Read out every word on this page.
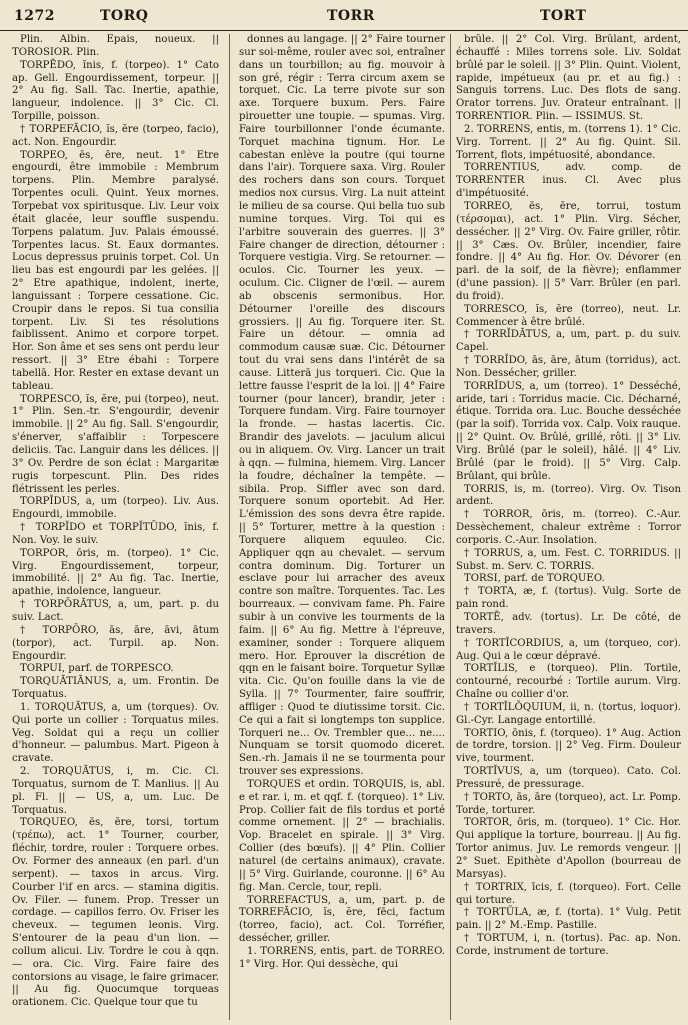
1272	TORQ	TORR	TORT

Plin. Albin. Epais, noueux. || TOROSIOR. Plin.

TORPĒDO, ĭnis, f. (torpeo). 1° Cato ap. Gell. Engourdissement, torpeur. || 2° Au fig. Sall. Tac. Inertie, apathie, langueur, indolence. || 3° Cic. Cl. Torpille, poisson.

† TORPEFĀCIO, ĭs, ĕre (torpeo, facio), act. Non. Engourdir.

TORPEO, ēs, ēre, neut. 1° Etre engourdi, être immobile : Membrum torpens. Plin. Membre paralysé. Torpentes oculi. Quint. Yeux mornes. Torpebat vox spiritusque. Liv. Leur voix était glacée, leur souffle suspendu. Torpens palatum. Juv. Palais émoussé. Torpentes lacus. St. Eaux dormantes. Locus depressus pruinis torpet. Col. Un lieu bas est engourdi par les gelées. || 2° Etre apathique, indolent, inerte, languissant : Torpere cessatione. Cic. Croupir dans le repos. Si tua consilia torpent. Liv. Si tes résolutions faiblissent. Animo et corpore torpet. Hor. Son âme et ses sens ont perdu leur ressort. || 3° Etre ébahi : Torpere tabellā. Hor. Rester en extase devant un tableau.

TORPESCO, ĭs, ĕre, pui (torpeo), neut. 1° Plin. Sen.-tr. S'engourdir, devenir immobile. || 2° Au fig. Sall. S'engourdir, s'énerver, s'affaiblir : Torpescere deliciis. Tac. Languir dans les délices. || 3° Ov. Perdre de son éclat : Margaritæ rugis torpescunt. Plin. Des rides flétrissent les perles.

TORPĬDUS, a, um (torpeo). Liv. Aus. Engourdi, immobile.

† TORPĬDO et TORPĬTŪDO, ĭnis, f. Non. Voy. le suiv.

TORPOR, ōris, m. (torpeo). 1° Cic. Virg. Engourdissement, torpeur, immobilité. || 2° Au fig. Tac. Inertie, apathie, indolence, langueur.

† TORPŌRĀTUS, a, um, part. p. du suiv. Lact.

† TORPŌRO, ās, āre, āvi, ātum (torpor), act. Turpil. ap. Non. Engourdir.

TORPUI, parf. de TORPESCO.

TORQUĀTIĀNUS, a, um. Frontin. De Torquatus.

1. TORQUĀTUS, a, um (torques). Ov. Qui porte un collier : Torquatus miles. Veg. Soldat qui a reçu un collier d'honneur. — palumbus. Mart. Pigeon à cravate.

2. TORQUĀTUS, i, m. Cic. Cl. Torquatus, surnom de T. Manlius. || Au pl. Fl. || — US, a, um. Luc. De Torquatus.

TORQUEO, ēs, ēre, torsi, tortum (τρέπω), act. 1° Tourner, courber, fléchir, tordre, rouler : Torquere orbes. Ov. Former des anneaux (en parl. d'un serpent). — taxos in arcus. Virg. Courber l'if en arcs. — stamina digitis. Ov. Filer. — funem. Prop. Tresser un cordage. — capillos ferro. Ov. Friser les cheveux. — tegumen leonis. Virg. S'entourer de la peau d'un lion. — collum alicui. Liv. Tordre le cou à qqn. — ora. Cic. Virg. Faire faire des contorsions au visage, le faire grimacer. || Au fig. Quocumque torqueas orationem. Cic. Quelque tour que tu

donnes au langage. || 2° Faire tourner sur soi-même, rouler avec soi, entraîner dans un tourbillon; au fig. mouvoir à son gré, régir : Terra circum axem se torquet. Cic. La terre pivote sur son axe. Torquere buxum. Pers. Faire pirouetter une toupie. — spumas. Virg. Faire tourbillonner l'onde écumante. Torquet machina tignum. Hor. Le cabestan enlève la poutre (qui tourne dans l'air). Torquere saxa. Virg. Rouler des rochers dans son cours. Torquet medios nox cursus. Virg. La nuit atteint le milieu de sa course. Qui bella tuo sub numine torques. Virg. Toi qui es l'arbitre souverain des guerres. || 3° Faire changer de direction, détourner : Torquere vestigia. Virg. Se retourner. — oculos. Cic. Tourner les yeux. — oculum. Cic. Cligner de l'œil. — aurem ab obscenis sermonibus. Hor. Détourner l'oreille des discours grossiers. || Au fig. Torquere iter. St. Faire un détour. — omnia ad commodum causæ suæ. Cic. Détourner tout du vrai sens dans l'intérêt de sa cause. Litterā jus torqueri. Cic. Que la lettre fausse l'esprit de la loi. || 4° Faire tourner (pour lancer), brandir, jeter : Torquere fundam. Virg. Faire tournoyer la fronde. — hastas lacertis. Cic. Brandir des javelots. — jaculum alicui ou in aliquem. Ov. Virg. Lancer un trait à qqn. — fulmina, hiemem. Virg. Lancer la foudre, déchaîner la tempête. — sibila. Prop. Siffler avec son dard. Torquere sonum oportebit. Ad Her. L'émission des sons devra être rapide. || 5° Torturer, mettre à la question : Torquere aliquem equuleo. Cic. Appliquer qqn au chevalet. — servum contra dominum. Dig. Torturer un esclave pour lui arracher des aveux contre son maître. Torquentes. Tac. Les bourreaux. — convivam fame. Ph. Faire subir à un convive les tourments de la faim. || 6° Au fig. Mettre à l'épreuve, examiner, sonder : Torquere aliquem mero. Hor. Eprouver la discrétion de qqn en le faisant boire. Torquetur Syllæ vita. Cic. Qu'on fouille dans la vie de Sylla. || 7° Tourmenter, faire souffrir, affliger : Quod te diutissime torsit. Cic. Ce qui a fait si longtemps ton supplice. Torqueri ne... Ov. Trembler que... ne.... Nunquam se torsit quomodo diceret. Sen.-rh. Jamais il ne se tourmenta pour trouver ses expressions.

TORQUES et ordin. TORQUIS, is, abl. e et rar. i, m. et qqf. f. (torqueo). 1° Liv. Prop. Collier fait de fils tordus et porté comme ornement. || 2° — brachialis. Vop. Bracelet en spirale. || 3° Virg. Collier (des bœufs). || 4° Plin. Collier naturel (de certains animaux), cravate. || 5° Virg. Guirlande, couronne. || 6° Au fig. Man. Cercle, tour, repli.

TORREFACTUS, a, um, part. p. de TORREFĀCIO, ĭs, ĕre, fēci, factum (torreo, facio), act. Col. Torréfier, dessécher, griller.

1. TORRENS, entis, part. de TORREO. 1° Virg. Hor. Qui dessèche, qui

brûle. || 2° Col. Virg. Brûlant, ardent, échauffé : Miles torrens sole. Liv. Soldat brûlé par le soleil. || 3° Plin. Quint. Violent, rapide, impétueux (au pr. et au fig.) : Sanguis torrens. Luc. Des flots de sang. Orator torrens. Juv. Orateur entraînant. || TORRENTIOR. Plin. — ISSIMUS. St.

2. TORRENS, entis, m. (torrens 1). 1° Cic. Virg. Torrent. || 2° Au fig. Quint. Sil. Torrent, flots, impétuosité, abondance.

TORRENTIUS, adv. comp. de TORRENTER inus. Cl. Avec plus d'impétuosité.

TORREO, ēs, ēre, torrui, tostum (τέρσομαι), act. 1° Plin. Virg. Sécher, dessécher. || 2° Virg. Ov. Faire griller, rôtir. || 3° Cæs. Ov. Brûler, incendier, faire fondre. || 4° Au fig. Hor. Ov. Dévorer (en parl. de la soif, de la fièvre); enflammer (d'une passion). || 5° Varr. Brûler (en parl. du froid).

TORRESCO, ĭs, ĕre (torreo), neut. Lr. Commencer à être brûlé.

† TORRĬDĀTUS, a, um, part. p. du suiv. Capel.

† TORRĬDO, ās, āre, ātum (torridus), act. Non. Dessécher, griller.

TORRĬDUS, a, um (torreo). 1° Desséché, aride, tari : Torridus macie. Cic. Décharné, étique. Torrida ora. Luc. Bouche desséchée (par la soif). Torrida vox. Calp. Voix rauque. || 2° Quint. Ov. Brûlé, grillé, rôti. || 3° Liv. Virg. Brûlé (par le soleil), hâlé. || 4° Liv. Brûlé (par le froid). || 5° Virg. Calp. Brûlant, qui brûle.

TORRIS, is, m. (torreo). Virg. Ov. Tison ardent.

† TORROR, ōris, m. (torreo). C.-Aur. Dessèchement, chaleur extrême : Torror corporis. C.-Aur. Insolation.

† TORRUS, a, um. Fest. C. TORRIDUS. || Subst. m. Serv. C. TORRIS.

TORSI, parf. de TORQUEO.

† TORTA, æ, f. (tortus). Vulg. Sorte de pain rond.

TORTĒ, adv. (tortus). Lr. De côté, de travers.

† TORTĬCORDIUS, a, um (torqueo, cor). Aug. Qui a le cœur dépravé.

TORTĬLIS, e (torqueo). Plin. Tortile, contourné, recourbé : Tortile aurum. Virg. Chaîne ou collier d'or.

† TORTĬLŎQUIUM, ii, n. (tortus, loquor). Gl.-Cyr. Langage entortillé.

TORTIO, ōnis, f. (torqueo). 1° Aug. Action de tordre, torsion. || 2° Veg. Firm. Douleur vive, tourment.

TORTĬVUS, a, um (torqueo). Cato. Col. Pressuré, de pressurage.

† TORTO, ās, āre (torqueo), act. Lr. Pomp. Torde, torturer.

TORTOR, ōris, m. (torqueo). 1° Cic. Hor. Qui applique la torture, bourreau. || Au fig. Tortor animus. Juv. Le remords vengeur. || 2° Suet. Epithète d'Apollon (bourreau de Marsyas).

† TORTRIX, īcis, f. (torqueo). Fort. Celle qui torture.

† TORTŬLA, æ, f. (torta). 1° Vulg. Petit pain. || 2° M.-Emp. Pastille.

† TORTUM, i, n. (tortus). Pac. ap. Non. Corde, instrument de torture.
